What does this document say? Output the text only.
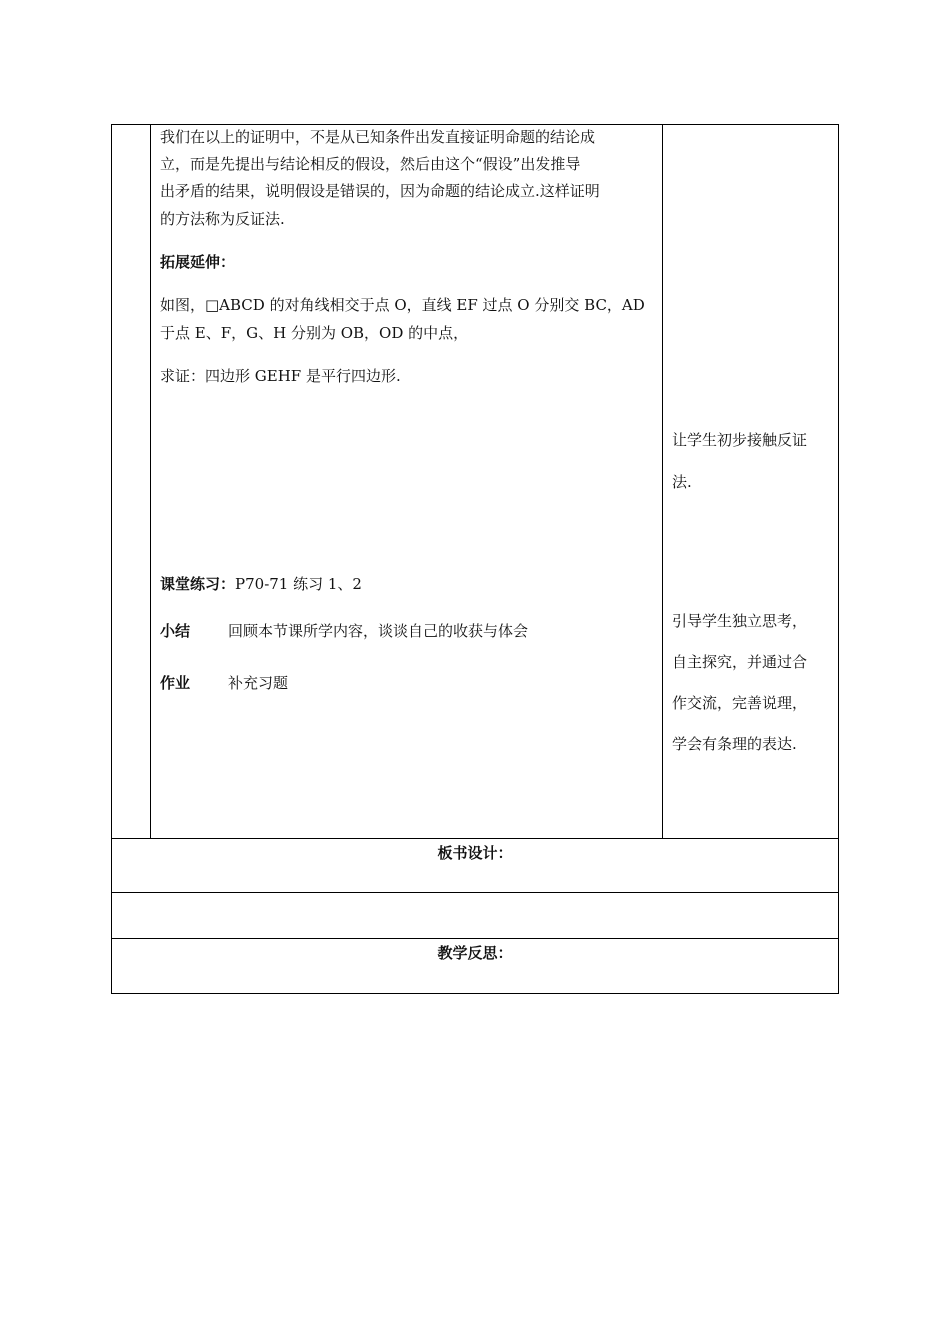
我们在以上的证明中，不是从已知条件出发直接证明命题的结论成
立，而是先提出与结论相反的假设，然后由这个“假设”出发推导
出矛盾的结果，说明假设是错误的，因为命题的结论成立.这样证明
的方法称为反证法.
拓展延伸：
如图，□ABCD 的对角线相交于点 O，直线 EF 过点 O 分别交 BC，AD
于点 E、F，G、H 分别为 OB，OD 的中点，
求证：四边形 GEHF 是平行四边形.
课堂练习：P70-71 练习 1、2
小结	回顾本节课所学内容，谈谈自己的收获与体会
作业	补充习题
让学生初步接触反证
法.
引导学生独立思考，
自主探究，并通过合
作交流，完善说理，
学会有条理的表达.
板书设计：
教学反思：
